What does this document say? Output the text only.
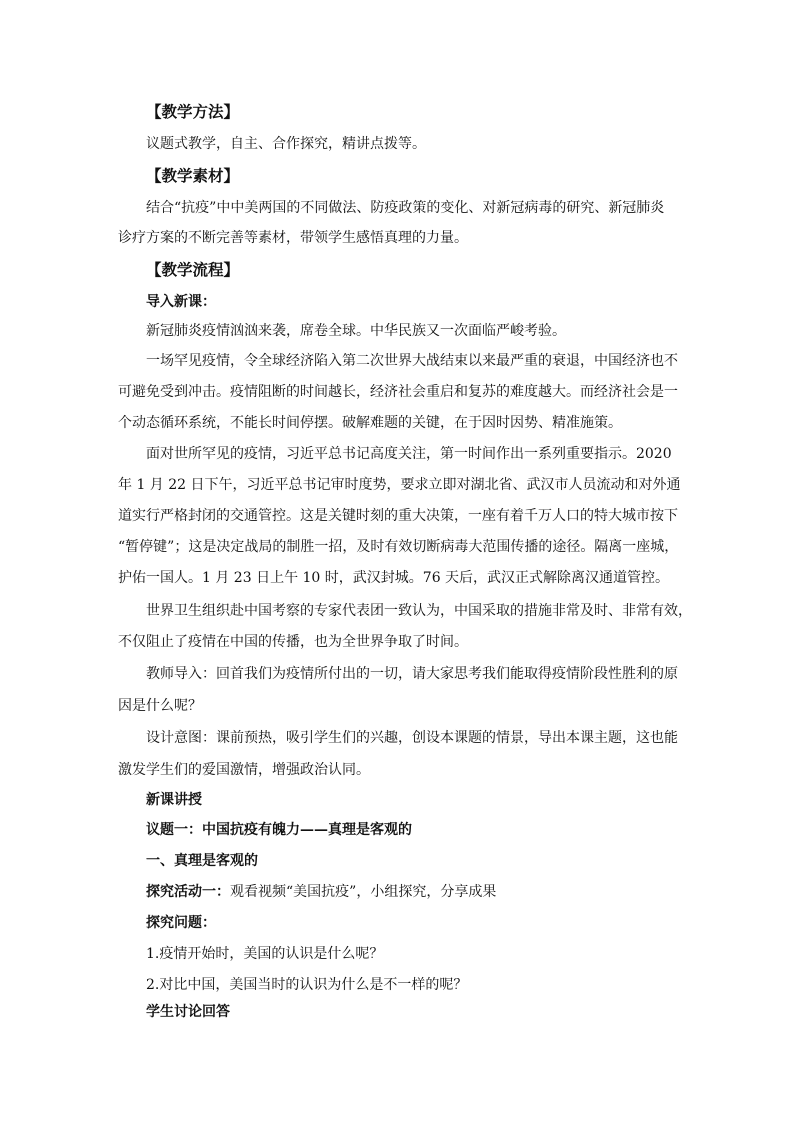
【教学方法】
议题式教学，自主、合作探究，精讲点拨等。
【教学素材】
结合“抗疫”中中美两国的不同做法、防疫政策的变化、对新冠病毒的研究、新冠肺炎
诊疗方案的不断完善等素材，带领学生感悟真理的力量。
【教学流程】
导入新课：
新冠肺炎疫情汹汹来袭，席卷全球。中华民族又一次面临严峻考验。
一场罕见疫情，令全球经济陷入第二次世界大战结束以来最严重的衰退，中国经济也不
可避免受到冲击。疫情阻断的时间越长，经济社会重启和复苏的难度越大。而经济社会是一
个动态循环系统，不能长时间停摆。破解难题的关键，在于因时因势、精准施策。
面对世所罕见的疫情，习近平总书记高度关注，第一时间作出一系列重要指示。2020
年 1 月 22 日下午，习近平总书记审时度势，要求立即对湖北省、武汉市人员流动和对外通
道实行严格封闭的交通管控。这是关键时刻的重大决策，一座有着千万人口的特大城市按下
“暂停键”；这是决定战局的制胜一招，及时有效切断病毒大范围传播的途径。隔离一座城，
护佑一国人。1 月 23 日上午 10 时，武汉封城。76 天后，武汉正式解除离汉通道管控。
世界卫生组织赴中国考察的专家代表团一致认为，中国采取的措施非常及时、非常有效，
不仅阻止了疫情在中国的传播，也为全世界争取了时间。
教师导入：回首我们为疫情所付出的一切，请大家思考我们能取得疫情阶段性胜利的原
因是什么呢？
设计意图：课前预热，吸引学生们的兴趣，创设本课题的情景，导出本课主题，这也能
激发学生们的爱国激情，增强政治认同。
新课讲授
议题一：中国抗疫有魄力——真理是客观的
一、真理是客观的
探究活动一：观看视频“美国抗疫”，小组探究，分享成果
探究问题：
1.疫情开始时，美国的认识是什么呢？
2.对比中国，美国当时的认识为什么是不一样的呢？
学生讨论回答
